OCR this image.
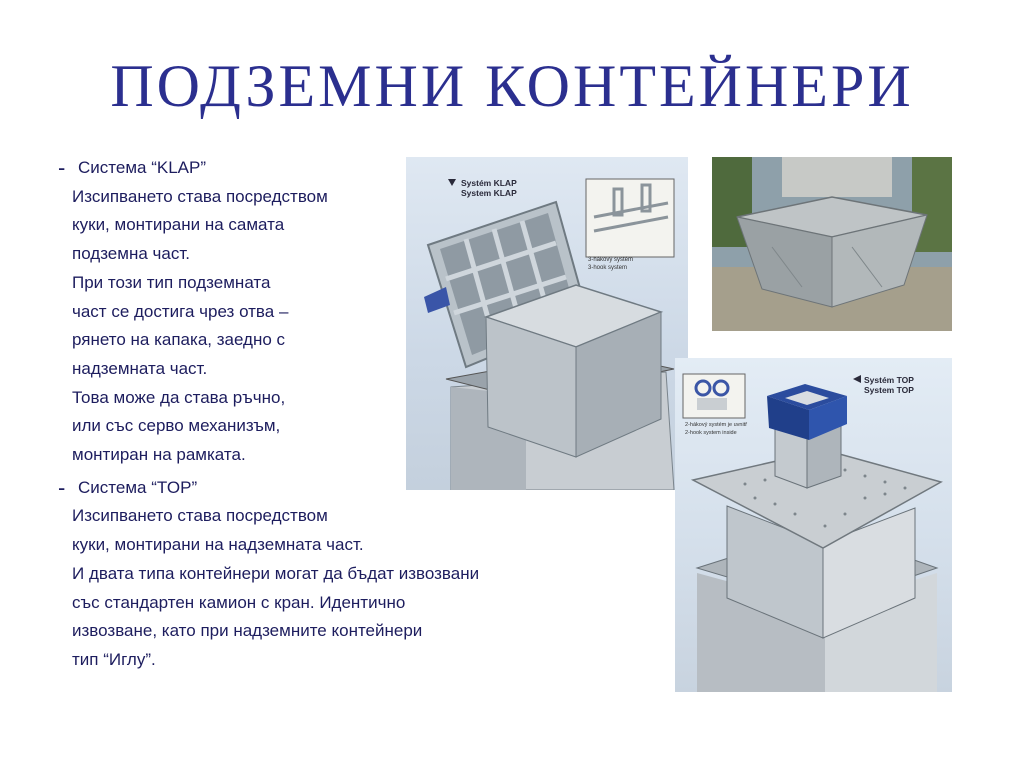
ПОДЗЕМНИ КОНТЕЙНЕРИ
- Система “KLAP”
Изсипването става посредством
куки, монтирани на самата
подземна част.
При този тип подземната
част се достига чрез отва –
рянето на капака, заедно с
надземната част.
Това може да става ръчно,
или със серво механизъм,
монтиран на рамката.
- Система “TOP”
Изсипването става посредством
куки, монтирани на надземната част.
И двата типа контейнери могат да бъдат извозвани
със стандартен камион с кран. Идентично
извозване, като при надземните контейнери
тип “Иглу”.
3-hákový systém
3-hook system
Systém KLAP
System KLAP
2-hákový systém je uvnitř
2-hook system inside
Systém TOP
System TOP
